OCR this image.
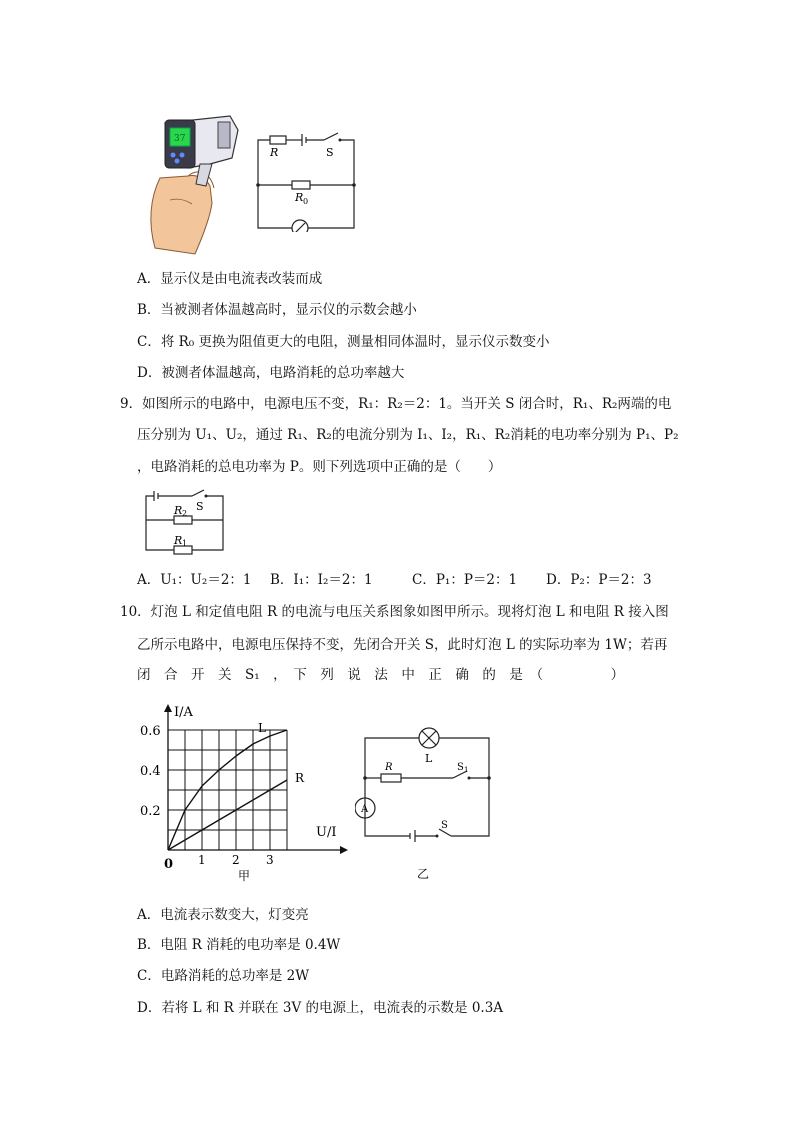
37
R	S
R 0
A．显示仪是由电流表改装而成
B．当被测者体温越高时，显示仪的示数会越小
C．将 R₀ 更换为阻值更大的电阻，测量相同体温时，显示仪示数变小
D．被测者体温越高，电路消耗的总功率越大
9．如图所示的电路中，电源电压不变，R₁：R₂＝2：1。当开关 S 闭合时，R₁、R₂两端的电
压分别为 U₁、U₂，通过 R₁、R₂的电流分别为 I₁、I₂，R₁、R₂消耗的电功率分别为 P₁、P₂
，电路消耗的总电功率为 P。则下列选项中正确的是（　　）
S
R 2
R 1
A．U₁：U₂＝2：1 B．I₁：I₂＝2：1	C．P₁：P＝2：1 D．P₂：P＝2：3
10．灯泡 L 和定值电阻 R 的电流与电压关系图象如图甲所示。现将灯泡 L 和电阻 R 接入图
乙所示电路中，电源电压保持不变，先闭合开关 S，此时灯泡 L 的实际功率为 1W；若再
闭　合　开　关　S₁　，　下　列　说　法　中　正　确　的　是　（　　　　　）
I/A
U/I
0
0.6
0.4
0.2
1 2 3
L
R
甲
A
L
R	S 1
S
乙
A．电流表示数变大，灯变亮
B．电阻 R 消耗的电功率是 0.4W
C．电路消耗的总功率是 2W
D．若将 L 和 R 并联在 3V 的电源上，电流表的示数是 0.3A
